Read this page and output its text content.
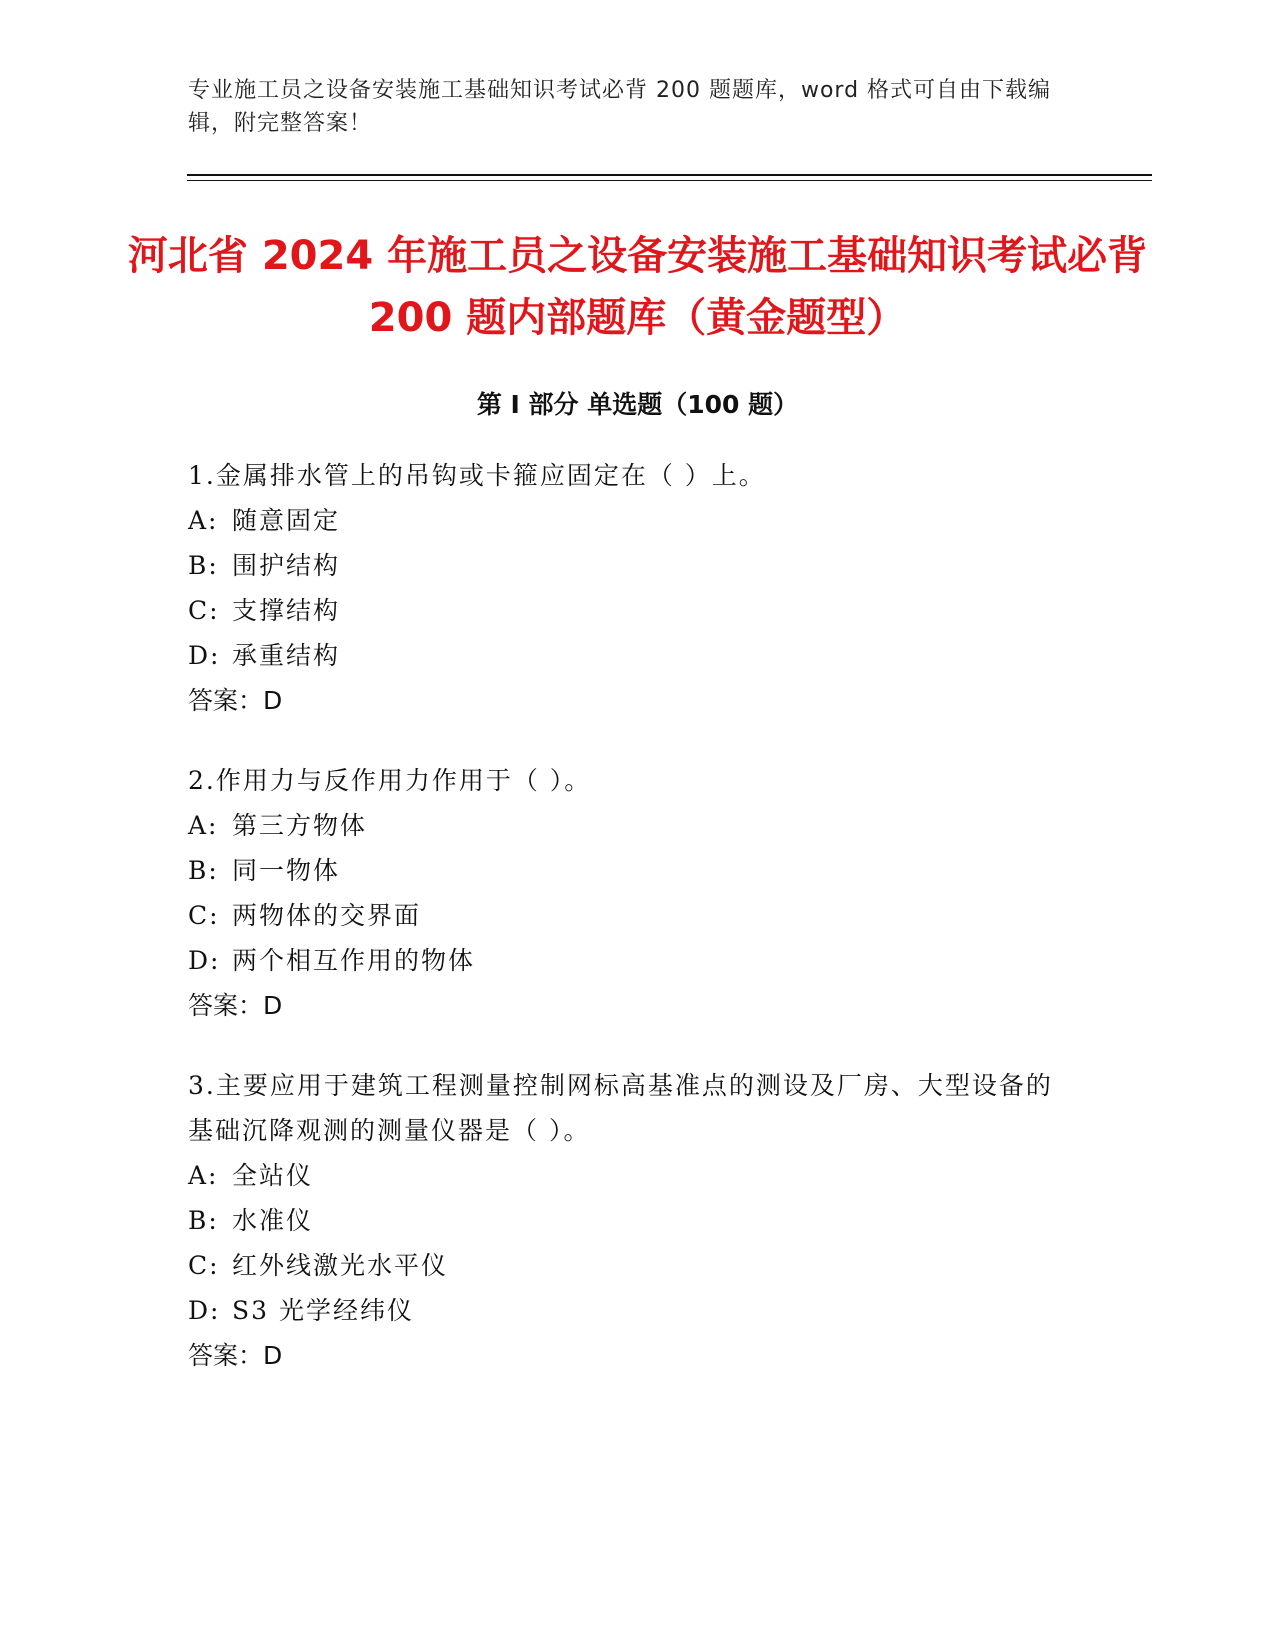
专业施工员之设备安装施工基础知识考试必背 200 题题库，word 格式可自由下载编辑，附完整答案！
河北省 2024 年施工员之设备安装施工基础知识考试必背 200 题内部题库（黄金题型）
第 I 部分 单选题（100 题）
1.金属排水管上的吊钩或卡箍应固定在（ ）上。
A: 随意固定
B: 围护结构
C: 支撑结构
D: 承重结构
答案：D
2.作用力与反作用力作用于（ ）。
A: 第三方物体
B: 同一物体
C: 两物体的交界面
D: 两个相互作用的物体
答案：D
3.主要应用于建筑工程测量控制网标高基准点的测设及厂房、大型设备的基础沉降观测的测量仪器是（ ）。
A: 全站仪
B: 水准仪
C: 红外线激光水平仪
D: S3 光学经纬仪
答案：D
